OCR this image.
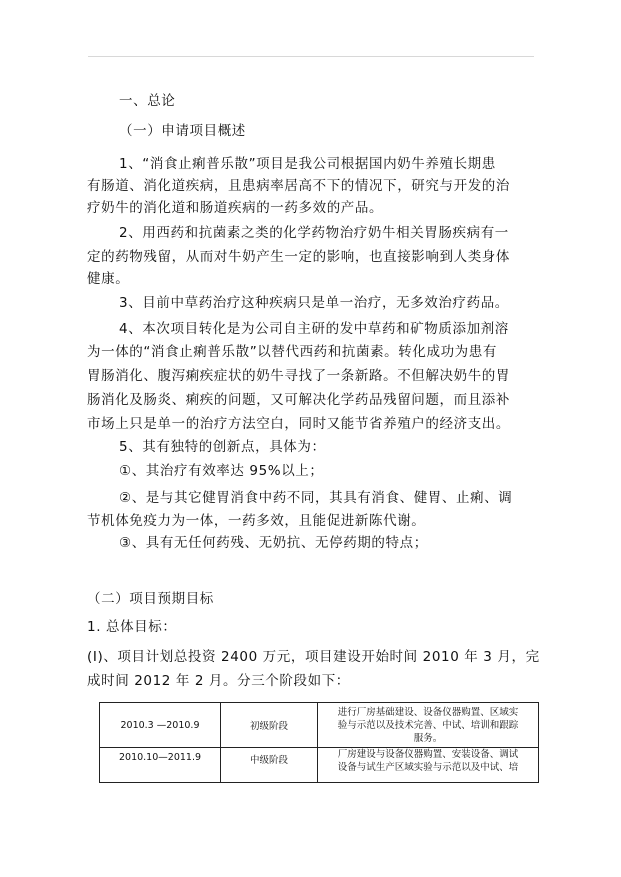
一、总论
（一）申请项目概述
1、“消食止痢普乐散”项目是我公司根据国内奶牛养殖长期患
有肠道、消化道疾病，且患病率居高不下的情况下，研究与开发的治
疗奶牛的消化道和肠道疾病的一药多效的产品。
2、用西药和抗菌素之类的化学药物治疗奶牛相关胃肠疾病有一
定的药物残留，从而对牛奶产生一定的影响，也直接影响到人类身体
健康。
3、目前中草药治疗这种疾病只是单一治疗，无多效治疗药品。
4、本次项目转化是为公司自主研的发中草药和矿物质添加剂溶
为一体的“消食止痢普乐散”以替代西药和抗菌素。转化成功为患有
胃肠消化、腹泻痢疾症状的奶牛寻找了一条新路。不但解决奶牛的胃
肠消化及肠炎、痢疾的问题，又可解决化学药品残留问题，而且添补
市场上只是单一的治疗方法空白，同时又能节省养殖户的经济支出。
5、其有独特的创新点，具体为：
①、其治疗有效率达 95%以上；
②、是与其它健胃消食中药不同，其具有消食、健胃、止痢、调
节机体免疫力为一体，一药多效，且能促进新陈代谢。
③、具有无任何药残、无奶抗、无停药期的特点；
（二）项目预期目标
1. 总体目标：
(I)、项目计划总投资 2400 万元，项目建设开始时间 2010 年 3 月，完
成时间 2012 年 2 月。分三个阶段如下：
2010.3 —2010.9	初级阶段	进行厂房基础建设、设备仪器购置、区域实
验与示范以及技术完善、中试、培训和跟踪
服务。

2010.10—2011.9	中级阶段	厂房建设与设备仪器购置、安装设备、调试
设备与试生产区域实验与示范以及中试、培
